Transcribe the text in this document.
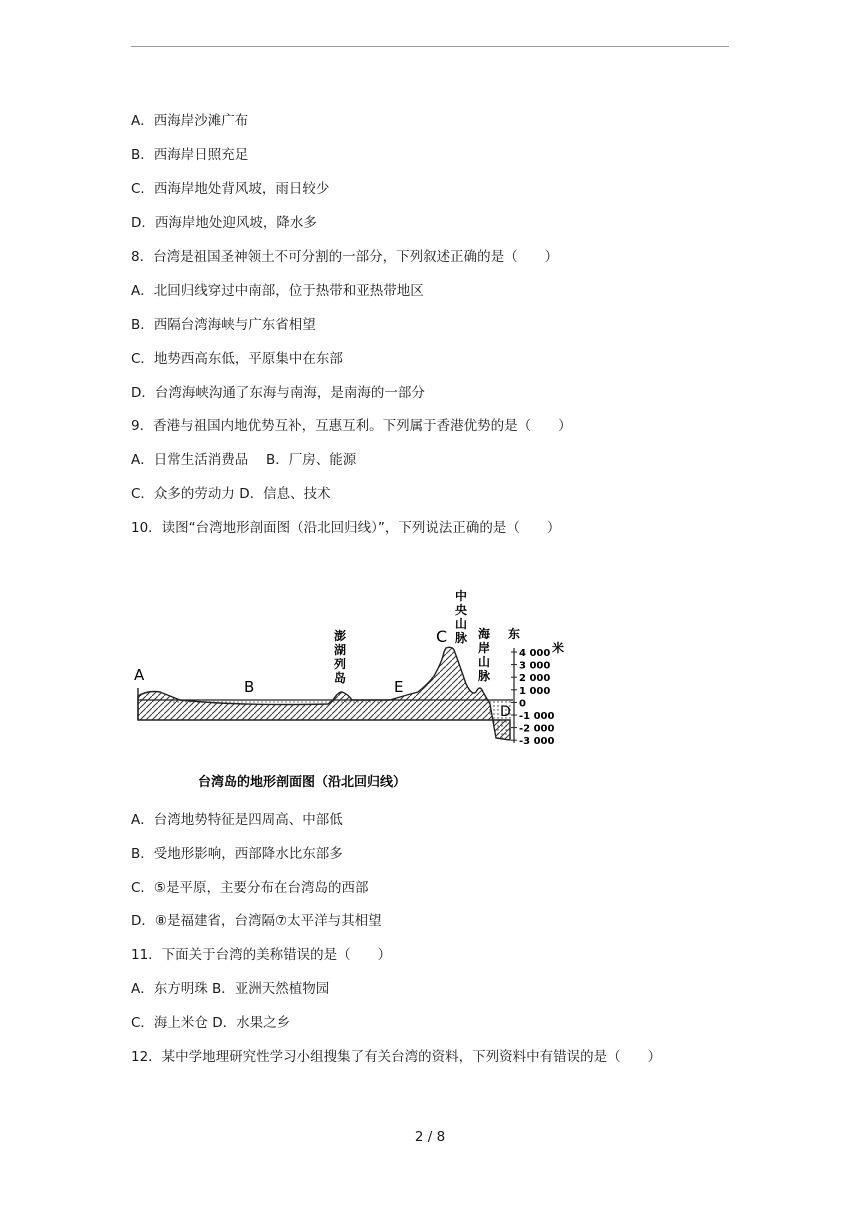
A．西海岸沙滩广布
B．西海岸日照充足
C．西海岸地处背风坡，雨日较少
D．西海岸地处迎风坡，降水多
8．台湾是祖国圣神领土不可分割的一部分，下列叙述正确的是（　　）
A．北回归线穿过中南部，位于热带和亚热带地区
B．西隔台湾海峡与广东省相望
C．地势西高东低，平原集中在东部
D．台湾海峡沟通了东海与南海，是南海的一部分
9．香港与祖国内地优势互补，互惠互利。下列属于香港优势的是（　　）
A．日常生活消费品　 B．厂房、能源
C．众多的劳动力 D．信息、技术
10．读图“台湾地形剖面图（沿北回归线）”，下列说法正确的是（　　）
4 000
3 000
2 000
1 000
0
-1 000
-2 000
-3 000
A
B
C
D
E
澎
湖
列
岛
中
央
山
脉 海
岸
山
脉
东
米
台湾岛的地形剖面图（沿北回归线）
A．台湾地势特征是四周高、中部低
B．受地形影响，西部降水比东部多
C．⑤是平原，主要分布在台湾岛的西部
D．⑧是福建省，台湾隔⑦太平洋与其相望
11．下面关于台湾的美称错误的是（　　）
A．东方明珠 B．亚洲天然植物园
C．海上米仓 D．水果之乡
12．某中学地理研究性学习小组搜集了有关台湾的资料，下列资料中有错误的是（　　）
2 / 8
